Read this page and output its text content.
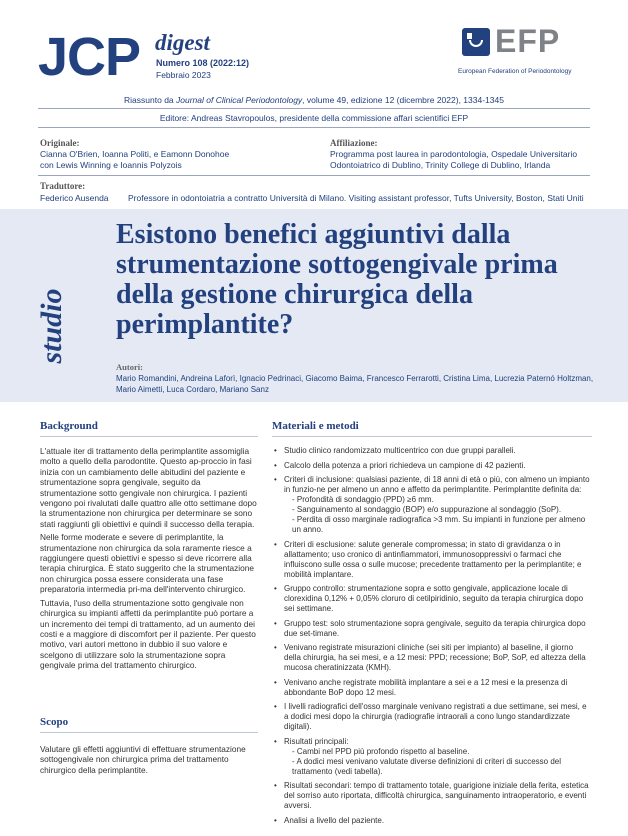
JCP digest
Numero 108 (2022:12)
Febbraio 2023
EFP
European Federation of Periodontology
Riassunto da Journal of Clinical Periodontology, volume 49, edizione 12 (dicembre 2022), 1334-1345
Editore: Andreas Stavropoulos, presidente della commissione affari scientifici EFP
Originale:
Cianna O'Brien, Ioanna Politi, e Eamonn Donohoe
con Lewis Winning e Ioannis Polyzois
Affiliazione:
Programma post laurea in parodontologia, Ospedale Universitario
Odontoiatrico di Dublino, Trinity College di Dublino, Irlanda
Traduttore:
Federico Ausenda Professore in odontoiatria a contratto Università di Milano. Visiting assistant professor, Tufts University, Boston, Stati Uniti
studio
Esistono benefici aggiuntivi dalla strumentazione sottogengivale prima della gestione chirurgica della perimplantite?
Autori:
Mario Romandini, Andreina Laforì, Ignacio Pedrinaci, Giacomo Baima, Francesco Ferrarotti, Cristina Lima, Lucrezia Paternó Holtzman,
Mario Aimetti, Luca Cordaro, Mariano Sanz
Background

L'attuale iter di trattamento della perimplantite assomiglia molto a quello della parodontite. Questo ap-proccio in fasi inizia con un cambiamento delle abitudini del paziente e strumentazione sopra gengivale, seguito da strumentazione sotto gengivale non chirurgica. I pazienti vengono poi rivalutati dalle quattro alle otto settimane dopo la strumentazione non chirurgica per determinare se sono stati raggiunti gli obiettivi e quindi il successo della terapia.

Nelle forme moderate e severe di perimplantite, la strumentazione non chirurgica da sola raramente riesce a raggiungere questi obiettivi e spesso si deve ricorrere alla terapia chirurgica. È stato suggerito che la strumentazione non chirurgica possa essere considerata una fase preparatoria intermedia pri-ma dell'intervento chirurgico.

Tuttavia, l'uso della strumentazione sotto gengivale non chirurgica su impianti affetti da perimplantite può portare a un incremento dei tempi di trattamento, ad un aumento dei costi e a maggiore di discomfort per il paziente. Per questo motivo, vari autori mettono in dubbio il suo valore e scelgono di utilizzare solo la strumentazione sopra gengivale prima del trattamento chirurgico.

Scopo

Valutare gli effetti aggiuntivi di effettuare strumentazione sottogengivale non chirurgica prima del trattamento chirurgico della perimplantite.

Materiali e metodi
• Studio clinico randomizzato multicentrico con due gruppi paralleli.
• Calcolo della potenza a priori richiedeva un campione di 42 pazienti.
• Criteri di inclusione: qualsiasi paziente, di 18 anni di età o più, con almeno un impianto in funzio-ne per almeno un anno e affetto da perimplantite. Perimplantite definita da:
- Profondità di sondaggio (PPD) ≥6 mm.
- Sanguinamento al sondaggio (BOP) e/o suppurazione al sondaggio (SoP).
- Perdita di osso marginale radiografica >3 mm. Su impianti in funzione per almeno un anno.
• Criteri di esclusione: salute generale compromessa; in stato di gravidanza o in allattamento; uso cronico di antinfiammatori, immunosoppressivi o farmaci che influiscono sulle ossa o sulle mucose; precedente trattamento per la perimplantite; e mobilità implantare.
• Gruppo controllo: strumentazione sopra e sotto gengivale, applicazione locale di clorexidina 0,12% + 0,05% cloruro di cetilpiridinio, seguito da terapia chirurgica dopo sei settimane.
• Gruppo test: solo strumentazione sopra gengivale, seguito da terapia chirurgica dopo due set-timane.
• Venivano registrate misurazioni cliniche (sei siti per impianto) al baseline, il giorno della chirurgia, ha sei mesi, e a 12 mesi: PPD; recessione; BoP, SoP, ed altezza della mucosa cheratinizzata (KMH).
• Venivano anche registrate mobilità implantare a sei e a 12 mesi e la presenza di abbondante BoP dopo 12 mesi.
• I livelli radiografici dell'osso marginale venivano registrati a due settimane, sei mesi, e a dodici mesi dopo la chirurgia (radiografie intraorali a cono lungo standardizzate digitali).
• Risultati principali:
- Cambi nel PPD più profondo rispetto al baseline.
- A dodici mesi venivano valutate diverse definizioni di criteri di successo del trattamento (vedi tabella).
• Risultati secondari: tempo di trattamento totale, guarigione iniziale della ferita, estetica del sorriso auto riportata, difficoltà chirurgica, sanguinamento intraoperatorio, e eventi avversi.
• Analisi a livello del paziente.
